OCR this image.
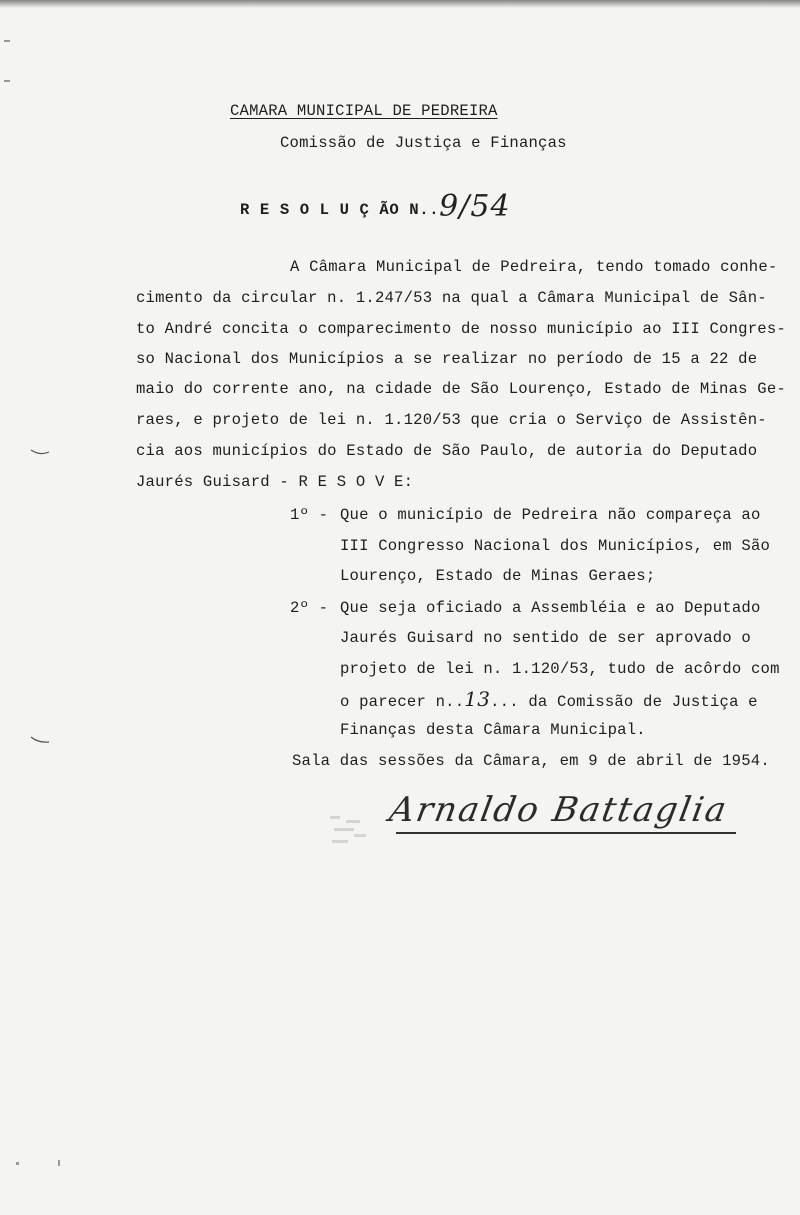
CAMARA MUNICIPAL DE PEDREIRA
Comissão de Justiça e Finanças
R E S O L U Ç ÃO N..9/54
A Câmara Municipal de Pedreira, tendo tomado conhe-
cimento da circular n. 1.247/53 na qual a Câmara Municipal de Sân-
to André concita o comparecimento de nosso município ao III Congres-
so Nacional dos Municípios a se realizar no período de 15 a 22 de
maio do corrente ano, na cidade de São Lourenço, Estado de Minas Ge-
raes, e projeto de lei n. 1.120/53 que cria o Serviço de Assistên-
cia aos municípios do Estado de São Paulo, de autoria do Deputado
Jaurés Guisard - R E S O V E:
1º - Que o município de Pedreira não compareça ao
III Congresso Nacional dos Municípios, em São
Lourenço, Estado de Minas Geraes;
2º - Que seja oficiado a Assembléia e ao Deputado
Jaurés Guisard no sentido de ser aprovado o
projeto de lei n. 1.120/53, tudo de acôrdo com
o parecer n..13... da Comissão de Justiça e
Finanças desta Câmara Municipal.
Sala das sessões da Câmara, em 9 de abril de 1954.
Arnaldo Battaglia
